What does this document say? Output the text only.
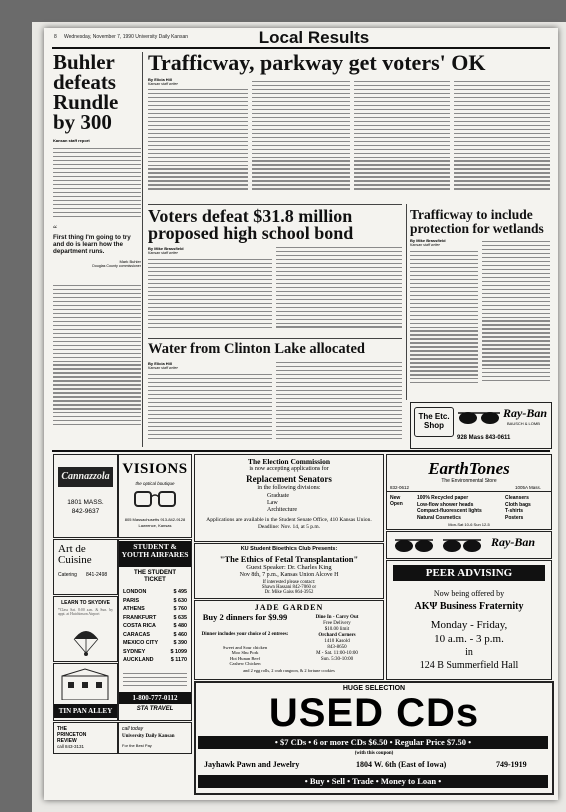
8 Wednesday, November 7, 1990 University Daily Kansan	Local Results
Buhler defeats Rundle by 300
Kansan staff report
“
First thing I'm going to try and do is learn how the department runs.
Mark Buhler
Douglas County commissioner
Trafficway, parkway get voters' OK
By Elicia Hill
Kansan staff writer
Voters defeat $31.8 million proposed high school bond
By Mike Brassfield
Kansan staff writer
Water from Clinton Lake allocated
By Elicia Hill
Kansan staff writer
Trafficway to include protection for wetlands
By Mike Brassfield
Kansan staff writer
The Etc. Shop
Ray-Ban
BAUSCH & LOMB
928 Mass 843-0611
Cannazzola
1801 MASS.
842-9637
VISIONS
the optical boutique
805 Massachusetts 913-842-9128
Lawrence, Kansas
STUDENT & YOUTH AIRFARES
THE STUDENT TICKET
LONDON	$ 495
PARIS	$ 630
ATHENS	$ 760
FRANKFURT	$ 635
COSTA RICA	$ 480
CARACAS	$ 460
MEXICO CITY	$ 390
SYDNEY	$ 1099
AUCKLAND	$ 1170
1-800-777-0112
STA TRAVEL
Art de Cuisine
Catering 841-2498
LEARN TO SKYDIVE
*Class Sat. 8:00 a.m. & Sun. by appt. at Hutchinson Airport
TIN PAN ALLEY
THE PRINCETON REVIEW
call 843-3131
call today
University Daily Kansan
For the Best Pay
The Election Commission
is now accepting applications for
Replacement Senators
in the following divisions:
Graduate
Law
Architecture
Applications are available in the Student Senate Office, 410 Kansas Union. Deadline: Nov. 14, at 5 p.m.
KU Student Bioethics Club Presents:
"The Ethics of Fetal Transplantation"
Guest Speaker: Dr. Charles King
Nov 8th, 7 p.m., Kansas Union Alcove H
If interested please contact:
Shawn Hassani 842-7060 or
Dr. Mike Gaiss 864-3952
JADE GARDEN
Buy 2 dinners for $9.99
Dinner includes your choice of 2 entrees:
Sweet and Sour chicken
Moo Shu Pork
Hot Hunan Beef
Cashew Chicken
and 2 egg rolls, 2 crab rangoon, & 2 fortune cookies
Dine In - Carry Out
Free Delivery
$10.00 limit
Orchard Corners
1410 Kasold
843-8650
M - Sat. 11:00-10:00
Sun. 5:30-10:00
EarthTones
The Environmental Store
832-0612	1005A Mass.
New Open
100% Recycled paper
Low-flow shower heads
Compact-fluorescent lights
Natural Cosmetics
Cleansers
Cloth bags
T-shirts
Posters
Mon-Sat 10-6 Sun 12-5
Ray-Ban
PEER ADVISING
Now being offered by
ΑΚΨ Business Fraternity
Monday - Friday,
10 a.m. - 3 p.m.
in
124 B Summerfield Hall
HUGE SELECTION
USED CDs
• $7 CDs • 6 or more CDs $6.50 • Regular Price $7.50 •
(with this coupon)
Jayhawk Pawn and Jewelry	1804 W. 6th (East of Iowa)	749-1919
• Buy • Sell • Trade • Money to Loan •
